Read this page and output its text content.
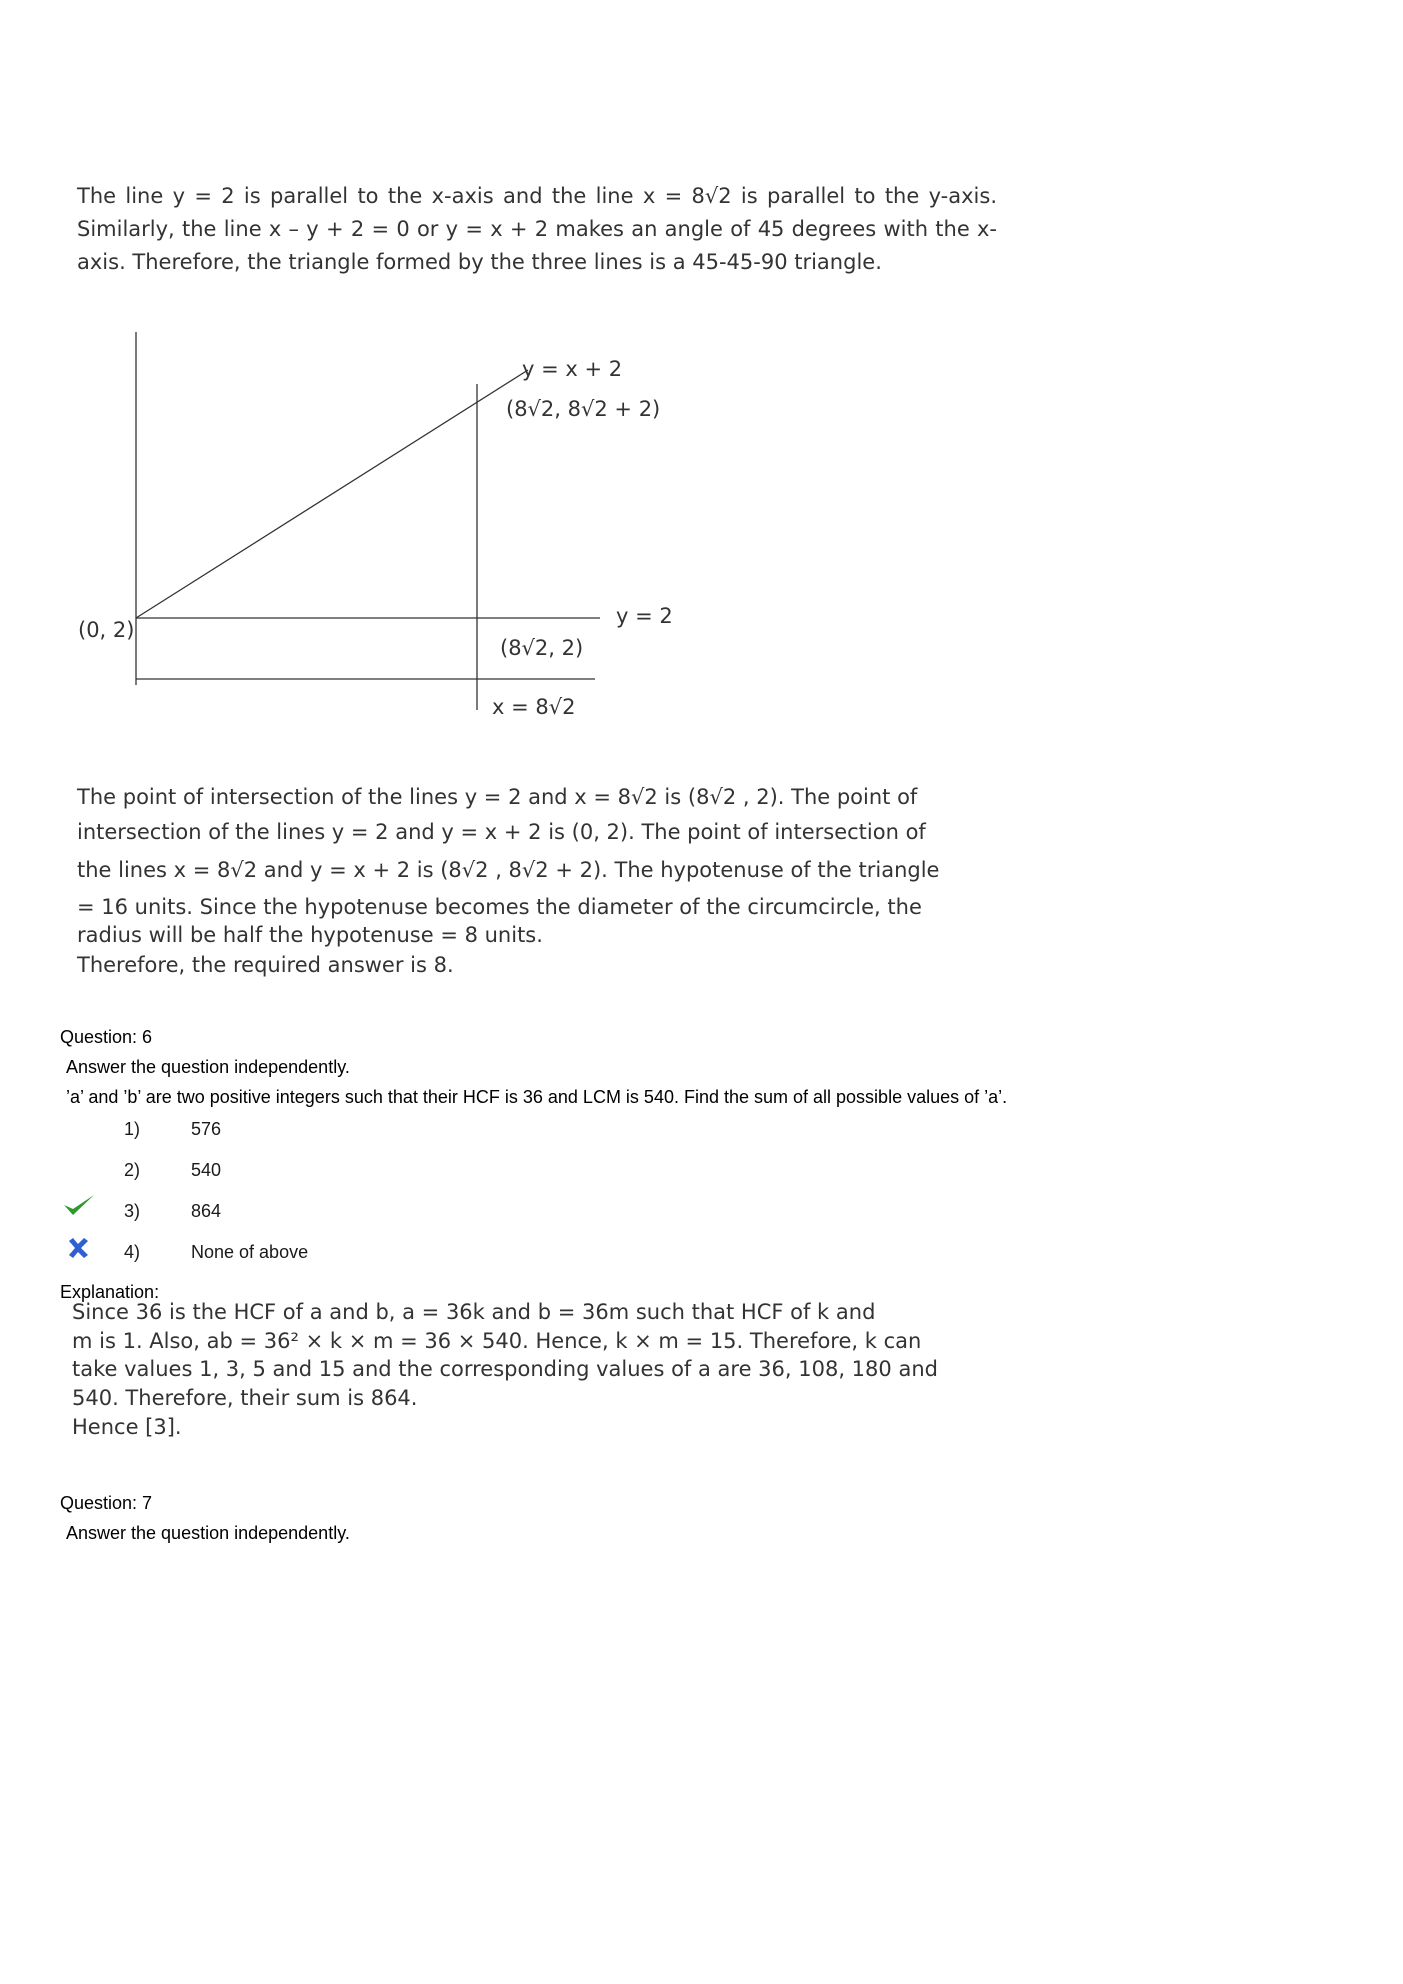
The line y = 2 is parallel to the x-axis and the line x = 8√2 is parallel to the y-axis. Similarly, the line x – y + 2 = 0 or y = x + 2 makes an angle of 45 degrees with the x-axis. Therefore, the triangle formed by the three lines is a 45-45-90 triangle.
y = x + 2
(8√2, 8√2 + 2)
(0, 2)
y = 2
(8√2, 2)
x = 8√2
The point of intersection of the lines y = 2 and x = 8√2 is (8√2 , 2). The point of
intersection of the lines y = 2 and y = x + 2 is (0, 2). The point of intersection of
the lines x = 8√2 and y = x + 2 is (8√2 , 8√2 + 2). The hypotenuse of the triangle
= 16 units. Since the hypotenuse becomes the diameter of the circumcircle, the
radius will be half the hypotenuse = 8 units.
Therefore, the required answer is 8.
Question: 6
Answer the question independently.
’a’ and ’b’ are two positive integers such that their HCF is 36 and LCM is 540. Find the sum of all possible values of ’a’.
1)	576
2)	540
3)	864
4)	None of above
Explanation:
Since 36 is the HCF of a and b, a = 36k and b = 36m such that HCF of k and
m is 1. Also, ab = 36² × k × m = 36 × 540. Hence, k × m = 15. Therefore, k can
take values 1, 3, 5 and 15 and the corresponding values of a are 36, 108, 180 and
540. Therefore, their sum is 864.
Hence [3].
Question: 7
Answer the question independently.
